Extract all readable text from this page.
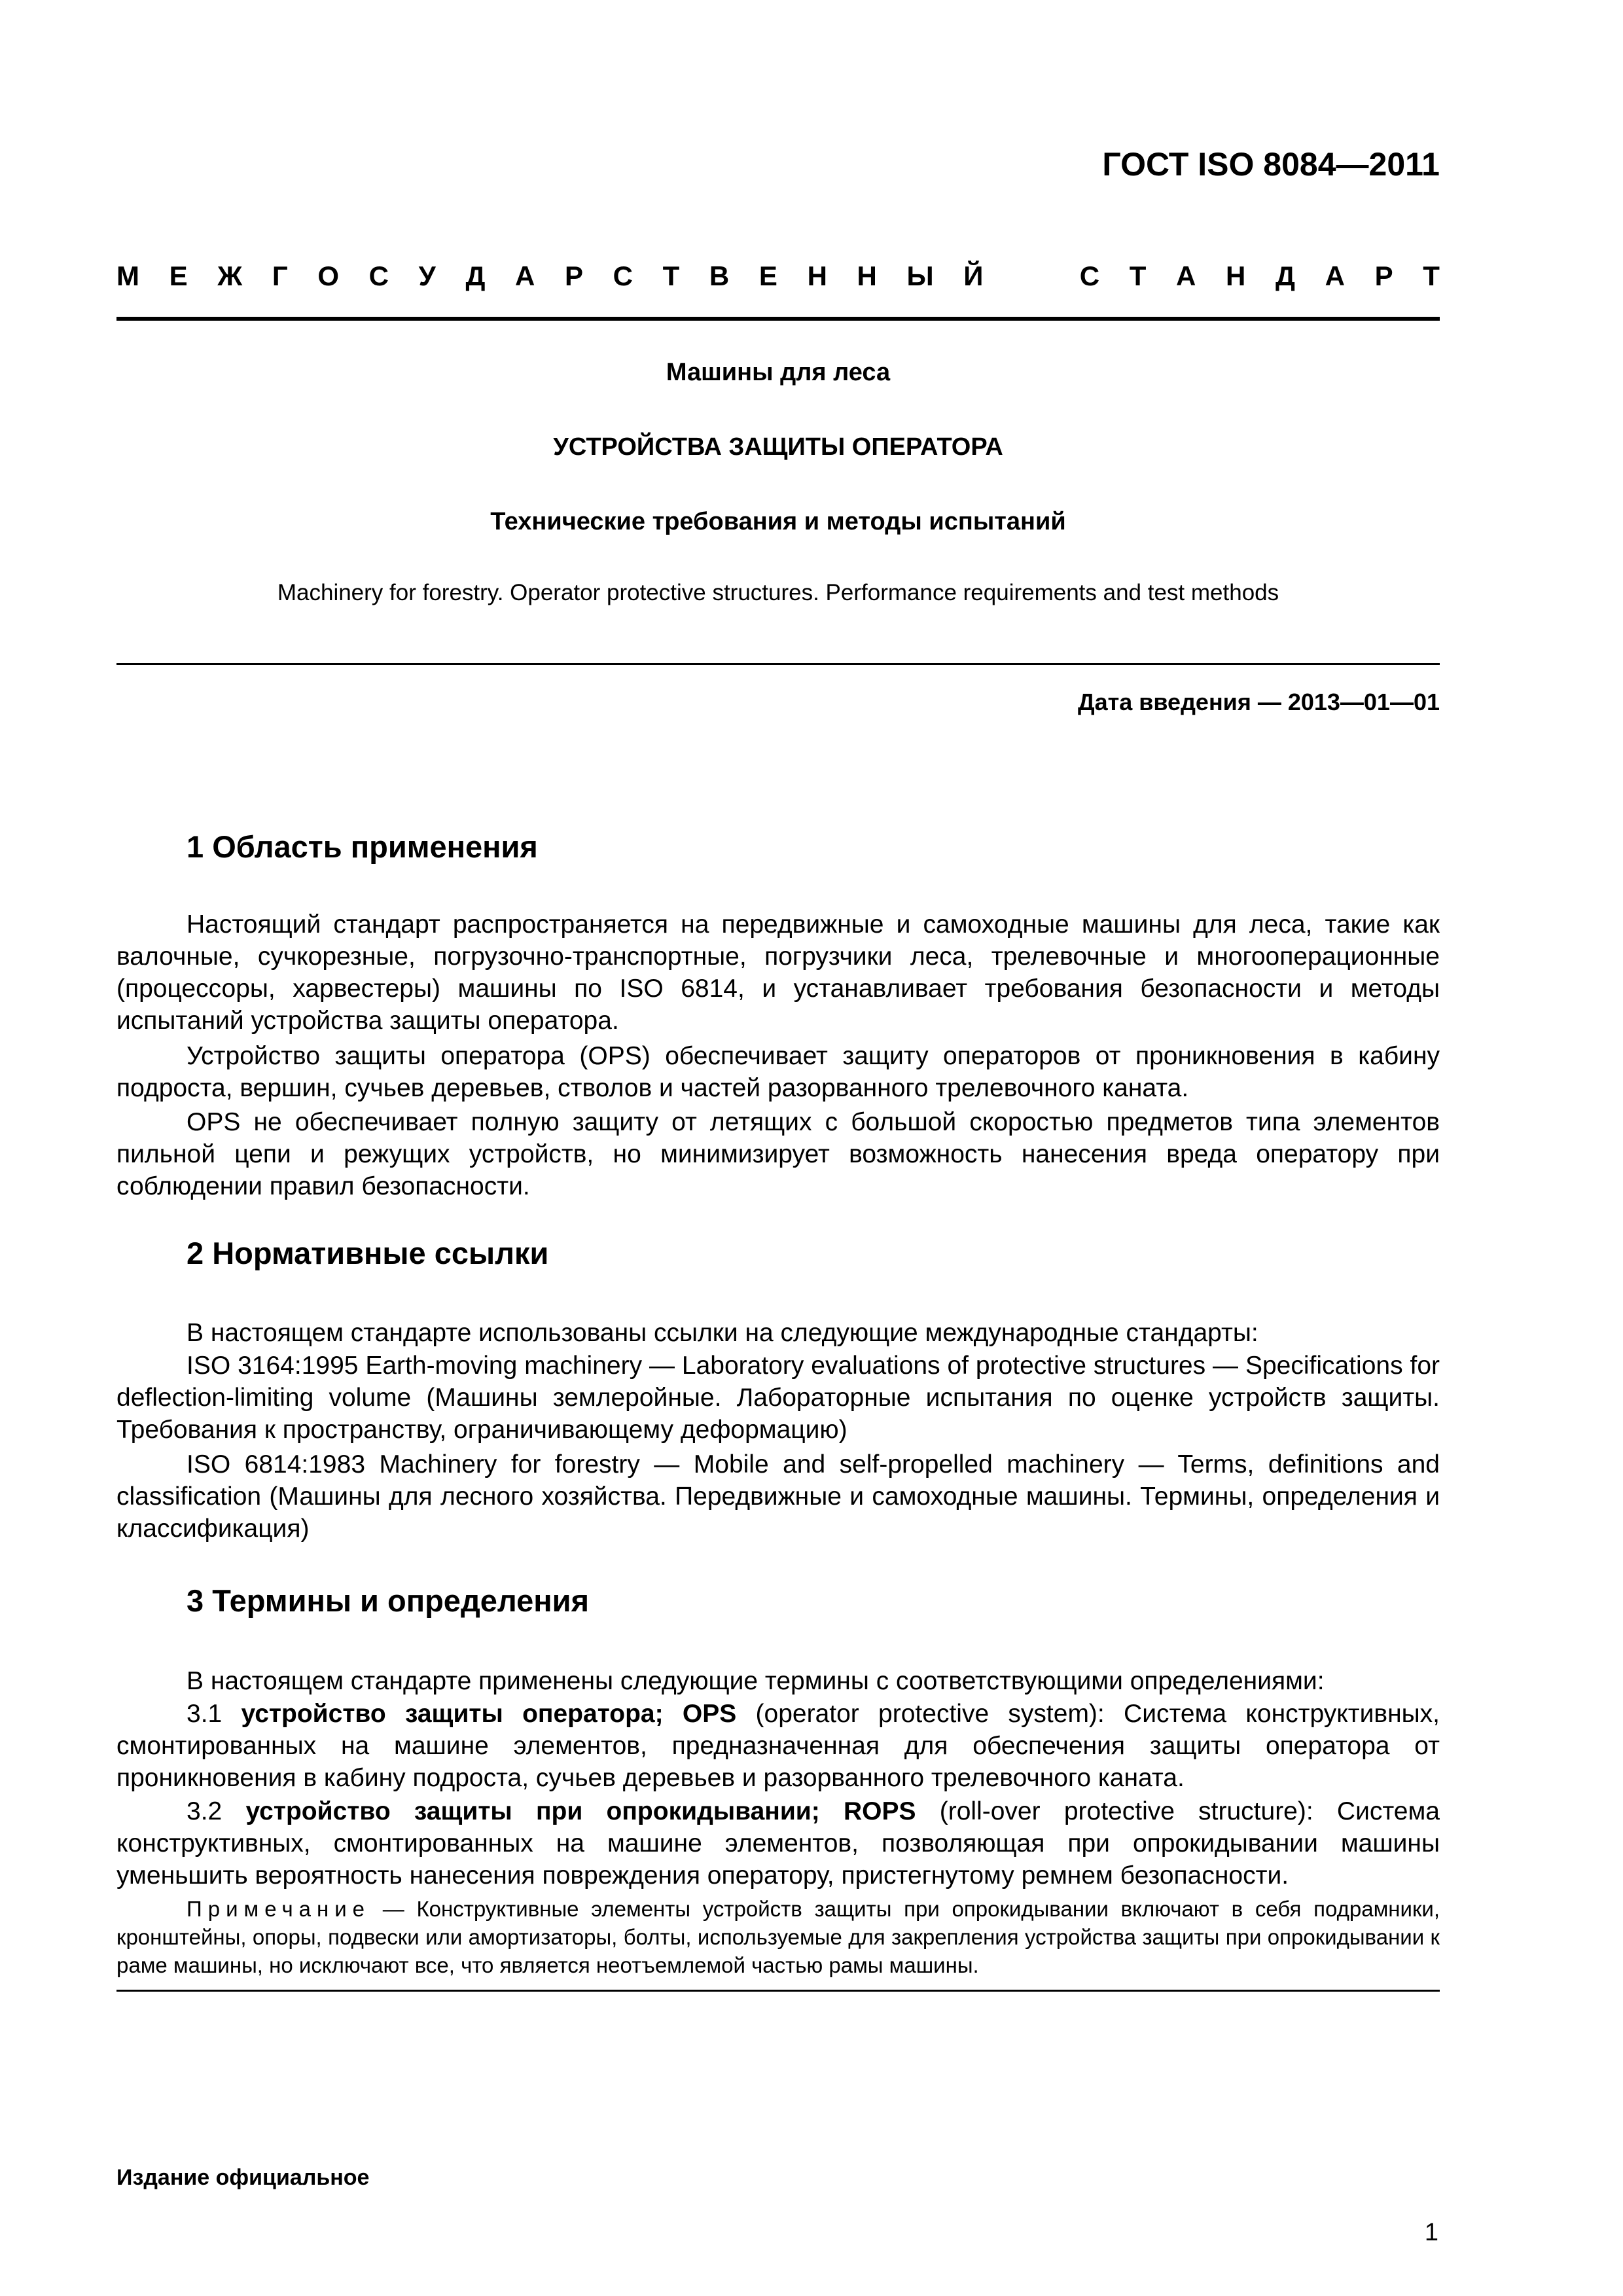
ГОСТ ISO 8084—2011
М Е Ж Г О С У Д А Р С Т В Е Н Н Ы Й	С Т А Н Д А Р Т
Машины для леса
УСТРОЙСТВА ЗАЩИТЫ ОПЕРАТОРА
Технические требования и методы испытаний
Machinery for forestry. Operator protective structures. Performance requirements and test methods
Дата введения — 2013—01—01
1 Область применения

Настоящий стандарт распространяется на передвижные и самоходные машины для леса, такие как валочные, сучкорезные, погрузочно-транспортные, погрузчики леса, трелевочные и многооперационные (процессоры, харвестеры) машины по ISO 6814, и устанавливает требования безопасности и методы испытаний устройства защиты оператора.

Устройство защиты оператора (OPS) обеспечивает защиту операторов от проникновения в кабину подроста, вершин, сучьев деревьев, стволов и частей разорванного трелевочного каната.

OPS не обеспечивает полную защиту от летящих с большой скоростью предметов типа элементов пильной цепи и режущих устройств, но минимизирует возможность нанесения вреда оператору при соблюдении правил безопасности.

2 Нормативные ссылки

В настоящем стандарте использованы ссылки на следующие международные стандарты:

ISO 3164:1995 Earth-moving machinery — Laboratory evaluations of protective structures — Specifications for deflection-limiting volume (Машины землеройные. Лабораторные испытания по оценке устройств защиты. Требования к пространству, ограничивающему деформацию)

ISO 6814:1983 Machinery for forestry — Mobile and self-propelled machinery — Terms, definitions and classification (Машины для лесного хозяйства. Передвижные и самоходные машины. Термины, определения и классификация)

3 Термины и определения

В настоящем стандарте применены следующие термины с соответствующими определениями:

3.1 устройство защиты оператора; OPS (operator protective system): Система конструктивных, смонтированных на машине элементов, предназначенная для обеспечения защиты оператора от проникновения в кабину подроста, сучьев деревьев и разорванного трелевочного каната.

3.2 устройство защиты при опрокидывании; ROPS (roll-over protective structure): Система конструктивных, смонтированных на машине элементов, позволяющая при опрокидывании машины уменьшить вероятность нанесения повреждения оператору, пристегнутому ремнем безопасности.

Примечание — Конструктивные элементы устройств защиты при опрокидывании включают в себя подрамники, кронштейны, опоры, подвески или амортизаторы, болты, используемые для закрепления устройства защиты при опрокидывании к раме машины, но исключают все, что является неотъемлемой частью рамы машины.

Издание официальное
1
